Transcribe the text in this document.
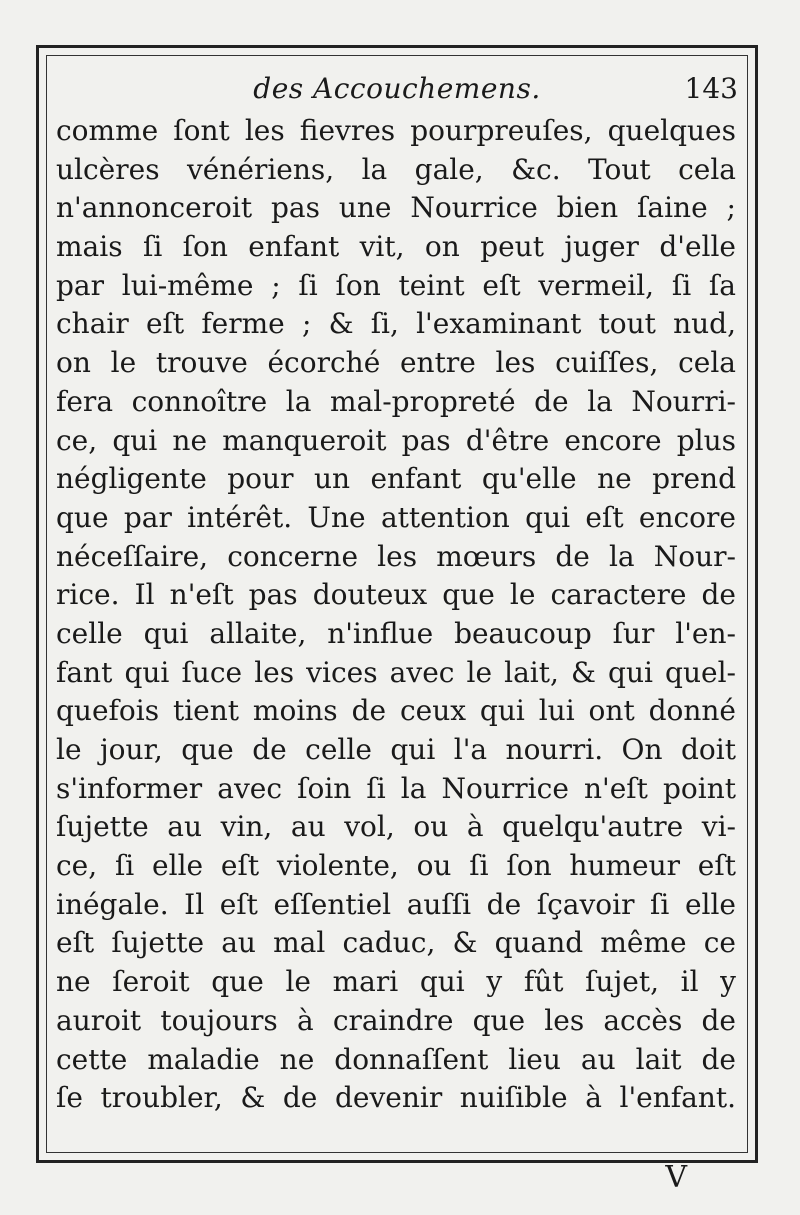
des Accouchemens.	143
comme ſont les fievres pourpreuſes, quelques
ulcères vénériens, la gale, &c. Tout cela
n'annonceroit pas une Nourrice bien ſaine ;
mais ſi ſon enfant vit, on peut juger d'elle
par lui-même ; ſi ſon teint eſt vermeil, ſi ſa
chair eſt ferme ; & ſi, l'examinant tout nud,
on le trouve écorché entre les cuiſſes, cela
fera connoître la mal-propreté de la Nourri-
ce, qui ne manqueroit pas d'être encore plus
négligente pour un enfant qu'elle ne prend
que par intérêt. Une attention qui eſt encore
néceſſaire, concerne les mœurs de la Nour-
rice. Il n'eſt pas douteux que le caractere de
celle qui allaite, n'influe beaucoup ſur l'en-
fant qui ſuce les vices avec le lait, & qui quel-
quefois tient moins de ceux qui lui ont donné
le jour, que de celle qui l'a nourri. On doit
s'informer avec ſoin ſi la Nourrice n'eſt point
ſujette au vin, au vol, ou à quelqu'autre vi-
ce, ſi elle eſt violente, ou ſi ſon humeur eſt
inégale. Il eſt eſſentiel auſſi de ſçavoir ſi elle
eſt ſujette au mal caduc, & quand même ce
ne ſeroit que le mari qui y fût ſujet, il y
auroit toujours à craindre que les accès de
cette maladie ne donnaſſent lieu au lait de
ſe troubler, & de devenir nuiſible à l'enfant.
V
